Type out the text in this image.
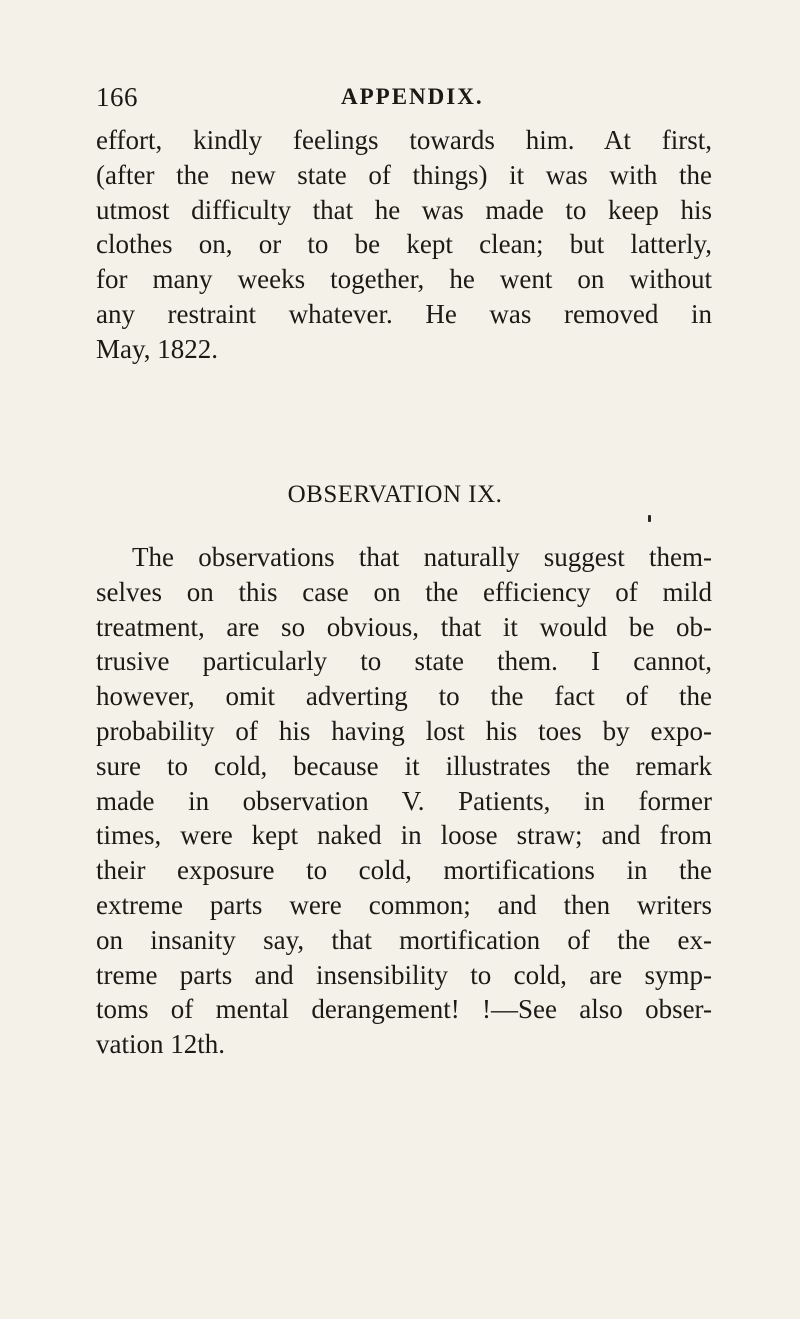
166	APPENDIX.
effort, kindly feelings towards him. At first,
(after the new state of things) it was with the
utmost difficulty that he was made to keep his
clothes on, or to be kept clean; but latterly,
for many weeks together, he went on without
any restraint whatever. He was removed in
May, 1822.
OBSERVATION IX.
The observations that naturally suggest them-
selves on this case on the efficiency of mild
treatment, are so obvious, that it would be ob-
trusive particularly to state them. I cannot,
however, omit adverting to the fact of the
probability of his having lost his toes by expo-
sure to cold, because it illustrates the remark
made in observation V. Patients, in former
times, were kept naked in loose straw; and from
their exposure to cold, mortifications in the
extreme parts were common; and then writers
on insanity say, that mortification of the ex-
treme parts and insensibility to cold, are symp-
toms of mental derangement! !—See also obser-
vation 12th.
